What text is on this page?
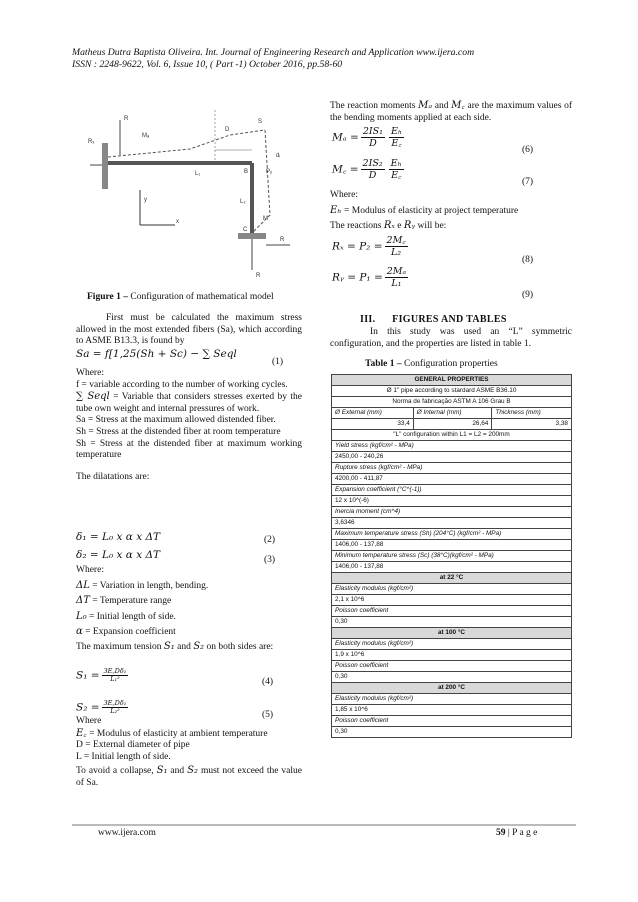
Matheus Dutra Baptista Oliveira. Int. Journal of Engineering Research and Application www.ijera.com
ISSN : 2248-9622, Vol. 6, Issue 10, ( Part -1) October 2016, pp.58-60
Rₓ
R
Mₐ
L₁	B
D
S
Pᵧ
dᵢ
L₂
M
C
R
R
y
x
Figure 1 – Configuration of mathematical model
First must be calculated the maximum stress allowed in the most extended fibers (Sa), which according to ASME B13.3, is found by
Sa = f[1,25(Sh + Sc) − ∑ Seql
(1)
Where:
f = variable according to the number of working cycles.
∑ Seql = Variable that considers stresses exerted by the tube own weight and internal pressures of work.
Sa = Stress at the maximum allowed distended fiber.
Sh = Stress at the distended fiber at room temperature
Sh = Stress at the distended fiber at maximum working temperature
The dilatations are:
δ₁ = L₀ x α x ΔT	(2)
δ₂ = L₀ x α x ΔT	(3)
Where:
ΔL = Variation in length, bending.
ΔT = Temperature range
L₀ = Initial length of side.
α = Expansion coefficient
The maximum tension S₁ and S₂ on both sides are:
$S_1 = \frac{\text{3E꜀Dδ₁}}{\text{L₁²}}$	(4)
$S_2 = \frac{\text{3E꜀Dδ₁}}{\text{L₂²}}$	(5)
Where
E꜀ = Modulus of elasticity at ambient temperature
D = External diameter of pipe
L = Initial length of side.
To avoid a collapse, S₁ and S₂ must not exceed the value of Sa.
The reaction moments Mₐ and M꜀ are the maximum values of the bending moments applied at each side.
$M_a = \frac{\text{2IS₁}}{D} \frac{\text{Eₕ}}{E꜀}$
(6)
M꜀ = $\frac{\text{2IS₂}}{D} \frac{\text{Eₕ}}{E꜀}$
(7)
Where:
Eₕ = Modulus of elasticity at project temperature
The reactions Rₓ e Rᵧ will be:
$R_x = P_2 = \frac{2M꜀}{\text{L₂}}$
(8)
Rᵧ = $P_1 = \frac{\text{2Mₐ}}{\text{L₁}}$
(9)
III.      FIGURES AND TABLES
In this study was used an “L” symmetric configuration, and the properties are listed in table 1.
Table 1 – Configuration properties
GENERAL PROPERTIES		
Ø 1" pipe according to stardard ASME B36.10		
Norma de fabricação ASTM A 106 Grau B		
Ø External (mm)	Ø Internal (mm)	Thickness (mm)
33,4	26,64	3,38
"L" configuration within L1 = L2 = 200mm		
Yield stress (kgf/cm² - MPa)		
2450,00 - 240,26		
Rupture stress (kgf/cm² - MPa)		
4200,00 - 411,87		
Expansion coefficient (°C^(-1))		
12 x 10^(-6)		
Inercia moment (cm^4)		
3,6346		
Maximum temperature stress (Sh) (204°C) (kgf/cm² - MPa)		
1406,00 - 137,88		
Minimum temperature stress (Sc) (38°C)(kgf/cm² - MPa)		
1406,00 - 137,88		
at 22 °C		
Elasticity modulus (kgf/cm²)		
2,1 x 10^6		
Poisson coefficient		
0,30		
at 100 °C		
Elasticity modulus (kgf/cm²)		
1,9 x 10^6		
Poisson coefficient		
0,30		
at 200 °C		
Elasticity modulus (kgf/cm²)		
1,85 x 10^6		
Poisson coefficient		
0,30		
www.ijera.com	59 | P a g e
